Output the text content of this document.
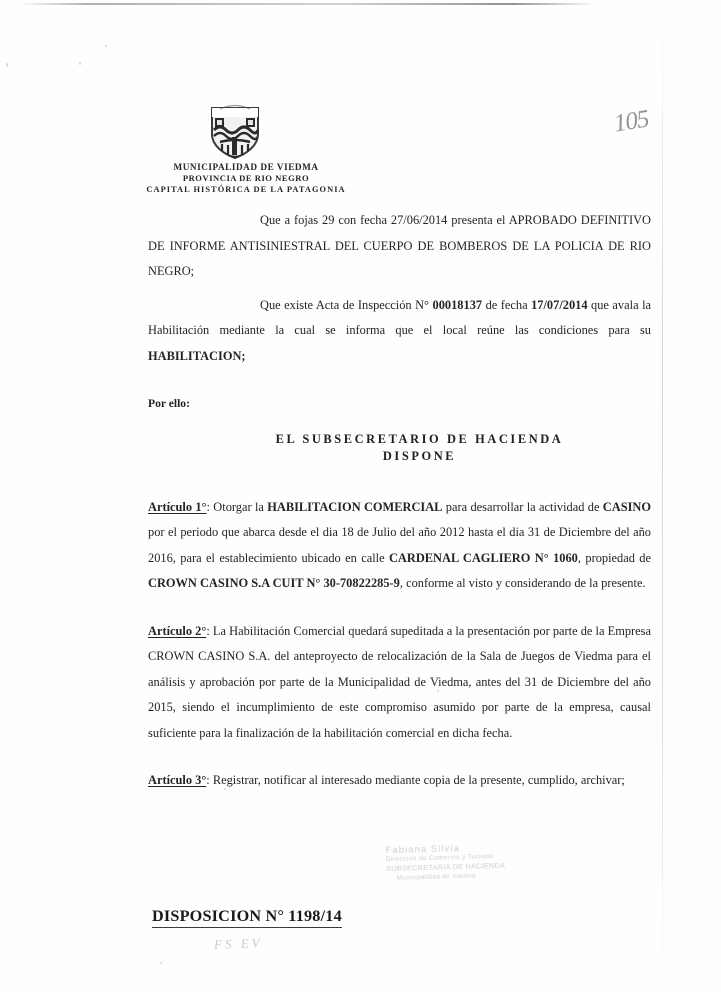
MUNICIPALIDAD DE VIEDMA
PROVINCIA DE RIO NEGRO
CAPITAL HISTÓRICA DE LA PATAGONIA
105

Que a fojas 29 con fecha 27/06/2014 presenta el APROBADO DEFINITIVO DE INFORME ANTISINIESTRAL DEL CUERPO DE BOMBEROS DE LA POLICIA DE RIO NEGRO;

Que existe Acta de Inspección N° 00018137 de fecha 17/07/2014 que avala la Habilitación mediante la cual se informa que el local reúne las condiciones para su HABILITACION;

Por ello:

EL SUBSECRETARIO DE HACIENDA

DISPONE

Artículo 1°: Otorgar la HABILITACION COMERCIAL para desarrollar la actividad de CASINO por el periodo que abarca desde el dia 18 de Julio del año 2012 hasta el dia 31 de Diciembre del año 2016, para el establecimiento ubicado en calle CARDENAL CAGLIERO N° 1060, propiedad de CROWN CASINO S.A CUIT N° 30-70822285-9, conforme al visto y considerando de la presente.

Artículo 2°: La Habilitación Comercial quedará supeditada a la presentación por parte de la Empresa CROWN CASINO S.A. del anteproyecto de relocalización de la Sala de Juegos de Viedma para el análisis y aprobación por parte de la Municipalidad de Viedma, antes del 31 de Diciembre del año 2015, siendo el incumplimiento de este compromiso asumido por parte de la empresa, causal suficiente para la finalización de la habilitación comercial en dicha fecha.

Artículo 3°: Registrar, notificar al interesado mediante copia de la presente, cumplido, archivar;

Fabiana Silvia
Direccion de Comercio y Turismo
SUBSECRETARIA DE HACIENDA
Municipalidad de Viedma
DISPOSICION N° 1198/14
FS EV
